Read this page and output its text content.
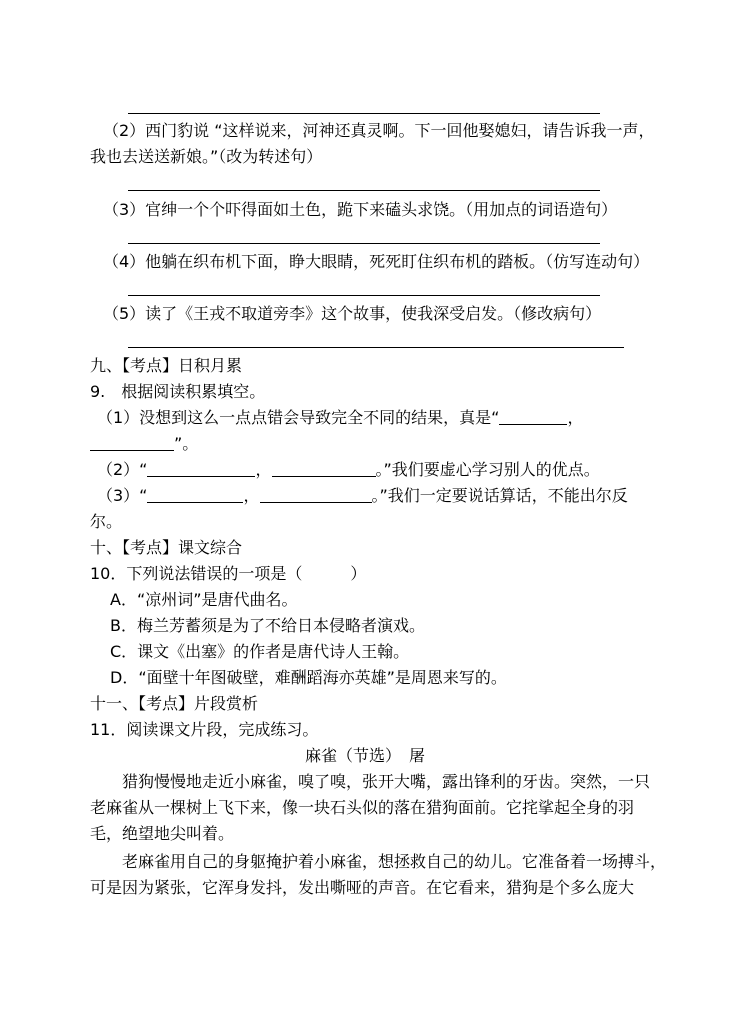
（2）西门豹说 “这样说来，河神还真灵啊。下一回他娶媳妇，请告诉我一声，
我也去送送新娘。”（改为转述句）
（3）官绅一个个吓得面如土色，跪下来磕头求饶。（用加点的词语造句）
（4）他躺在织布机下面，睁大眼睛，死死盯住织布机的踏板。（仿写连动句）
（5）读了《王戎不取道旁李》这个故事，使我深受启发。（修改病句）
九、【考点】日积月累
9.　根据阅读积累填空。
（1）没想到这么一点点错会导致完全不同的结果，真是“	，
”。
（2）“	，	。”我们要虚心学习别人的优点。
（3）“	，	。”我们一定要说话算话，不能出尔反
尔。
十、【考点】课文综合
10．下列说法错误的一项是（　　　）
A．“凉州词”是唐代曲名。
B．梅兰芳蓄须是为了不给日本侵略者演戏。
C．课文《出塞》的作者是唐代诗人王翰。
D．“面壁十年图破壁，难酬蹈海亦英雄”是周恩来写的。
十一、【考点】片段赏析
11．阅读课文片段，完成练习。
麻雀（节选）　屠
　　猎狗慢慢地走近小麻雀，嗅了嗅，张开大嘴，露出锋利的牙齿。突然，一只
老麻雀从一棵树上飞下来，像一块石头似的落在猎狗面前。它挓挲起全身的羽
毛，绝望地尖叫着。
　　老麻雀用自己的身躯掩护着小麻雀，想拯救自己的幼儿。它准备着一场搏斗，
可是因为紧张，它浑身发抖，发出嘶哑的声音。在它看来，猎狗是个多么庞大
